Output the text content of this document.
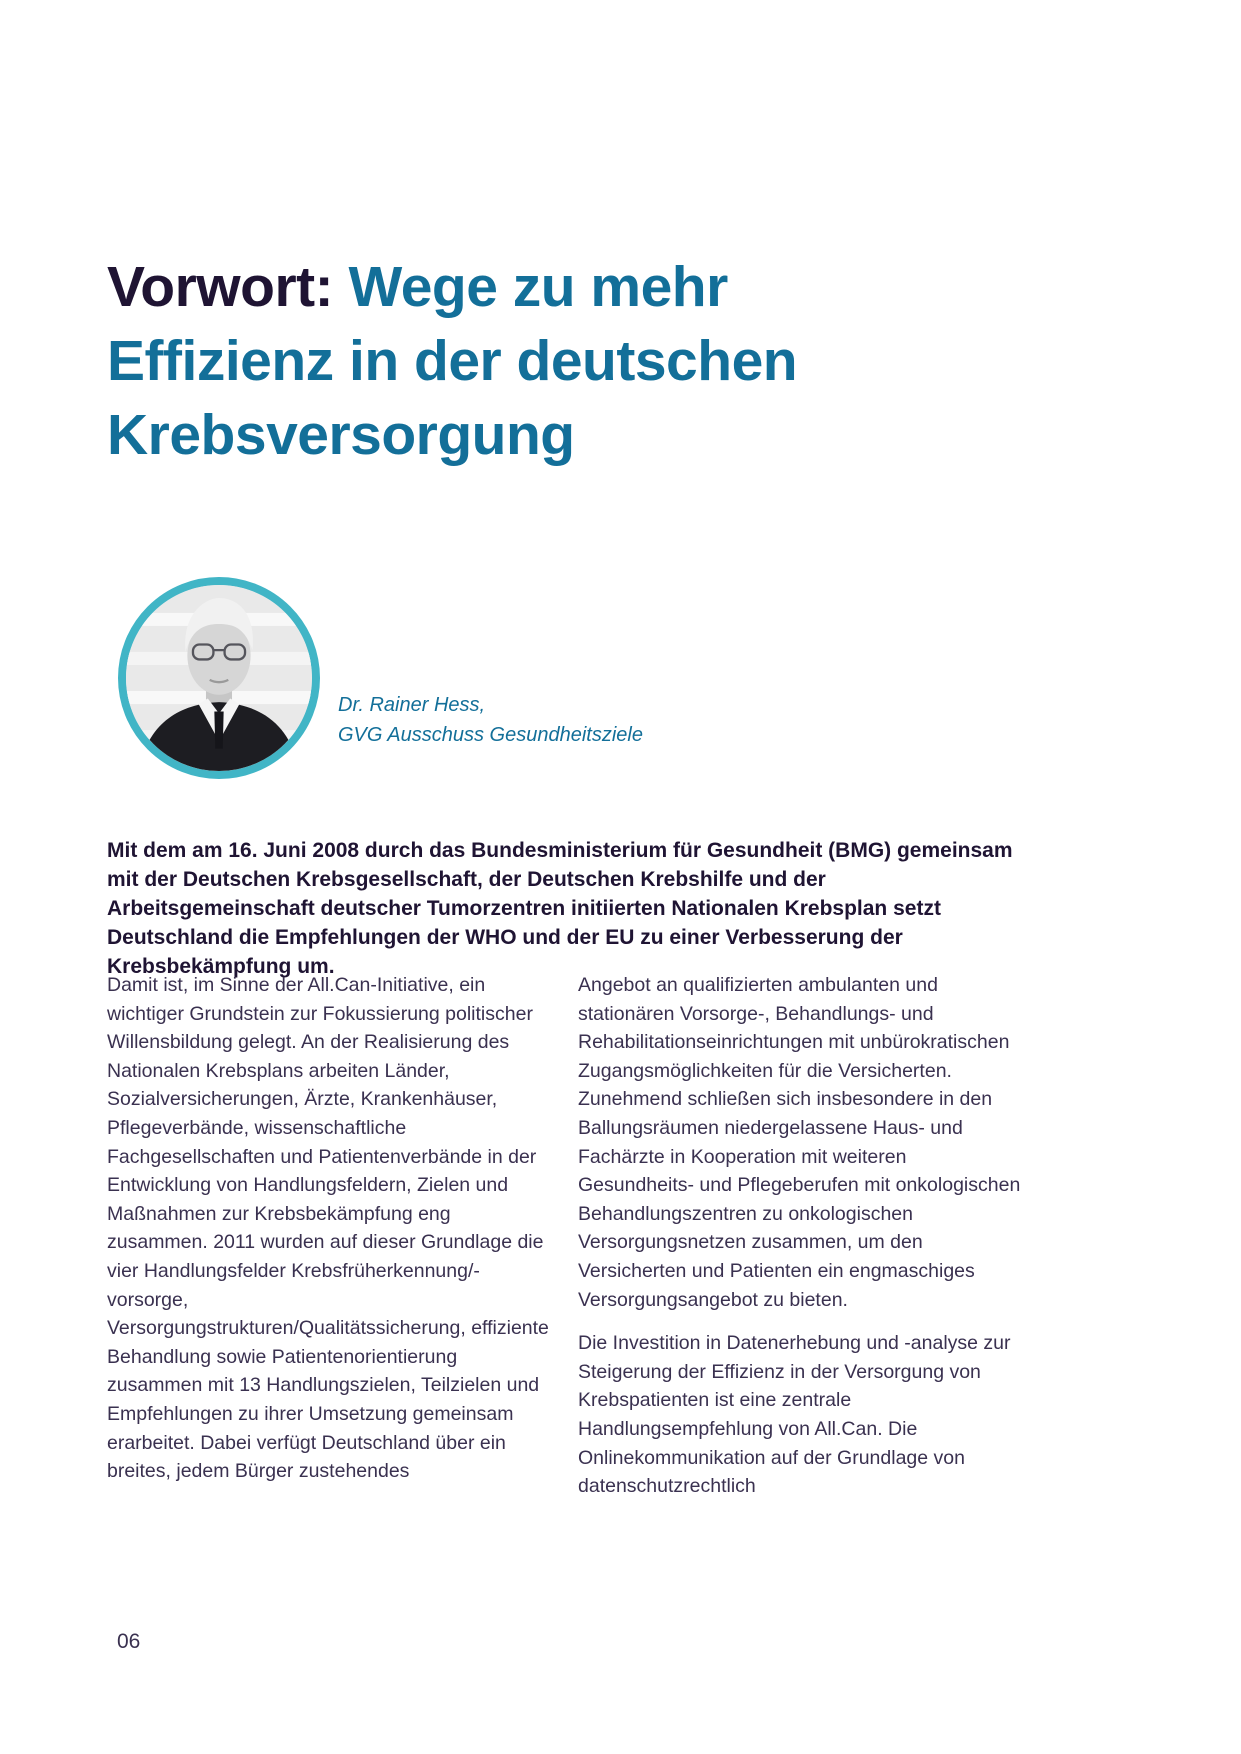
Vorwort: Wege zu mehr
Effizienz in der deutschen
Krebsversorgung
Dr. Rainer Hess,
GVG Ausschuss Gesundheitsziele

Mit dem am 16. Juni 2008 durch das Bundesministerium für Gesundheit (BMG) gemeinsam mit der Deutschen Krebsgesellschaft, der Deutschen Krebshilfe und der Arbeitsgemeinschaft deutscher Tumorzentren initiierten Nationalen Krebsplan setzt Deutschland die Empfehlungen der WHO und der EU zu einer Verbesserung der Krebsbekämpfung um.

Damit ist, im Sinne der All.Can-Initiative, ein wichtiger Grundstein zur Fokussierung politischer Willensbildung gelegt. An der Realisierung des Nationalen Krebsplans arbeiten Länder, Sozialversicherungen, Ärzte, Krankenhäuser, Pflegeverbände, wissenschaftliche Fachgesellschaften und Patientenverbände in der Entwicklung von Handlungsfeldern, Zielen und Maßnahmen zur Krebsbekämpfung eng zusammen. 2011 wurden auf dieser Grundlage die vier Handlungsfelder Krebsfrüherkennung/-vorsorge, Versorgungstrukturen/Qualitätssicherung, effiziente Behandlung sowie Patientenorientierung zusammen mit 13 Handlungszielen, Teilzielen und Empfehlungen zu ihrer Umsetzung gemeinsam erarbeitet. Dabei verfügt Deutschland über ein breites, jedem Bürger zustehendes

Angebot an qualifizierten ambulanten und stationären Vorsorge-, Behandlungs- und Rehabilitationseinrichtungen mit unbürokratischen Zugangsmöglichkeiten für die Versicherten. Zunehmend schließen sich insbesondere in den Ballungsräumen niedergelassene Haus- und Fachärzte in Kooperation mit weiteren Gesundheits- und Pflegeberufen mit onkologischen Behandlungszentren zu onkologischen Versorgungsnetzen zusammen, um den Versicherten und Patienten ein engmaschiges Versorgungsangebot zu bieten.

Die Investition in Datenerhebung und -analyse zur Steigerung der Effizienz in der Versorgung von Krebspatienten ist eine zentrale Handlungsempfehlung von All.Can. Die Onlinekommunikation auf der Grundlage von datenschutzrechtlich

06
